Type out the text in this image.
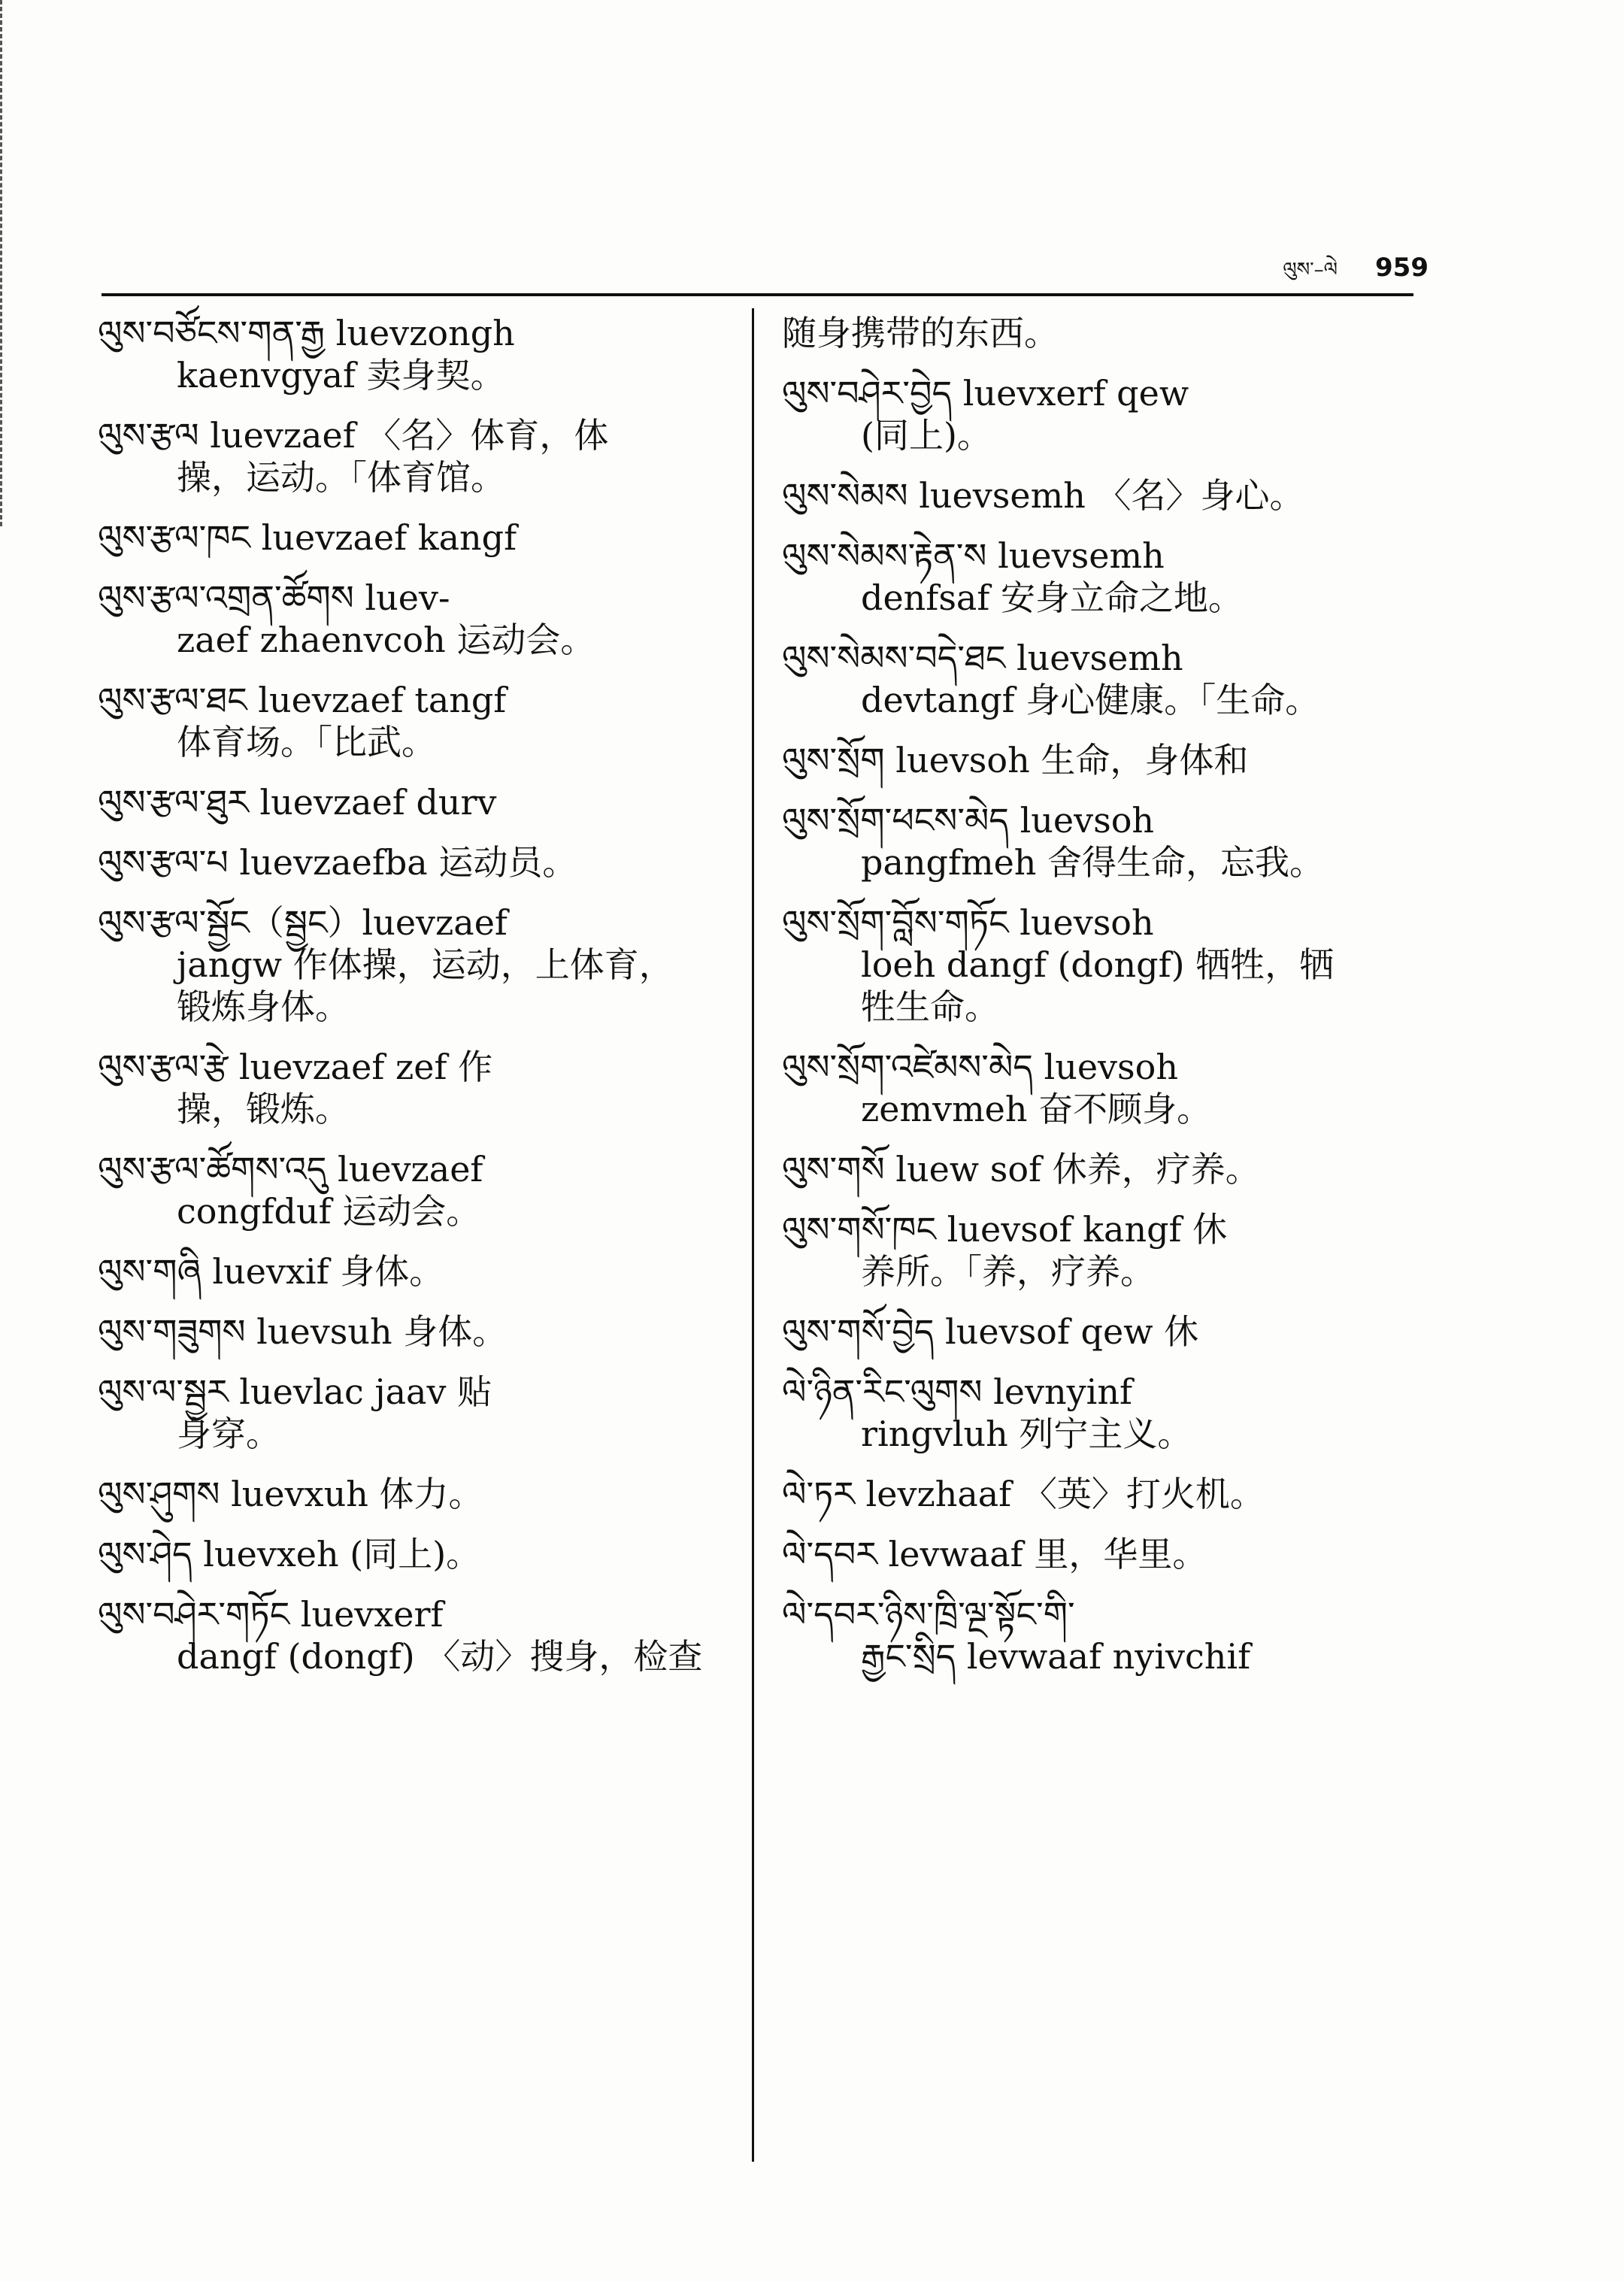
ལུས་–ལེ 959
ལུས་བཙོངས་གན་རྒྱ luevzongh
kaenvgyaf 卖身契。
ལུས་རྩལ luevzaef 〈名〉体育，体
操，运动。「体育馆。
ལུས་རྩལ་ཁང luevzaef kangf
ལུས་རྩལ་འགྲན་ཚོགས luev-
zaef zhaenvcoh 运动会。
ལུས་རྩལ་ཐང luevzaef tangf
体育场。「比武。
ལུས་རྩལ་ཐུར luevzaef durv
ལུས་རྩལ་པ luevzaefba 运动员。
ལུས་རྩལ་སྦྱོང（སྦྱང）luevzaef
jangw 作体操，运动，上体育，
锻炼身体。
ལུས་རྩལ་རྩེ luevzaef zef 作
操，锻炼。
ལུས་རྩལ་ཚོགས་འདུ luevzaef
congfduf 运动会。
ལུས་གཞི luevxif 身体。
ལུས་གཟུགས luevsuh 身体。
ལུས་ལ་སྦྱར luevlac jaav 贴
身穿。
ལུས་ཤུགས luevxuh 体力。
ལུས་ཤེད luevxeh (同上)。
ལུས་བཤེར་གཏོང luevxerf
dangf (dongf) 〈动〉搜身，检查
随身携带的东西。
ལུས་བཤེར་བྱེད luevxerf qew
(同上)。
ལུས་སེམས luevsemh 〈名〉身心。
ལུས་སེམས་རྟེན་ས luevsemh
denfsaf 安身立命之地。
ལུས་སེམས་བདེ་ཐང luevsemh
devtangf 身心健康。「生命。
ལུས་སྲོག luevsoh 生命，身体和
ལུས་སྲོག་ཕངས་མེད luevsoh
pangfmeh 舍得生命，忘我。
ལུས་སྲོག་བློས་གཏོང luevsoh
loeh dangf (dongf) 牺牲，牺
牲生命。
ལུས་སྲོག་འཛེམས་མེད luevsoh
zemvmeh 奋不顾身。
ལུས་གསོ luew sof 休养，疗养。
ལུས་གསོ་ཁང luevsof kangf 休
养所。「养，疗养。
ལུས་གསོ་བྱེད luevsof qew 休
ལེ་ཉིན་རིང་ལུགས levnyinf
ringvluh 列宁主义。
ལེ་ཏར levzhaaf 〈英〉打火机。
ལེ་དབར levwaaf 里，华里。
ལེ་དབར་ཉིས་ཁྲི་ལྔ་སྟོང་གི་
རྒྱང་སྲིད levwaaf nyivchif
